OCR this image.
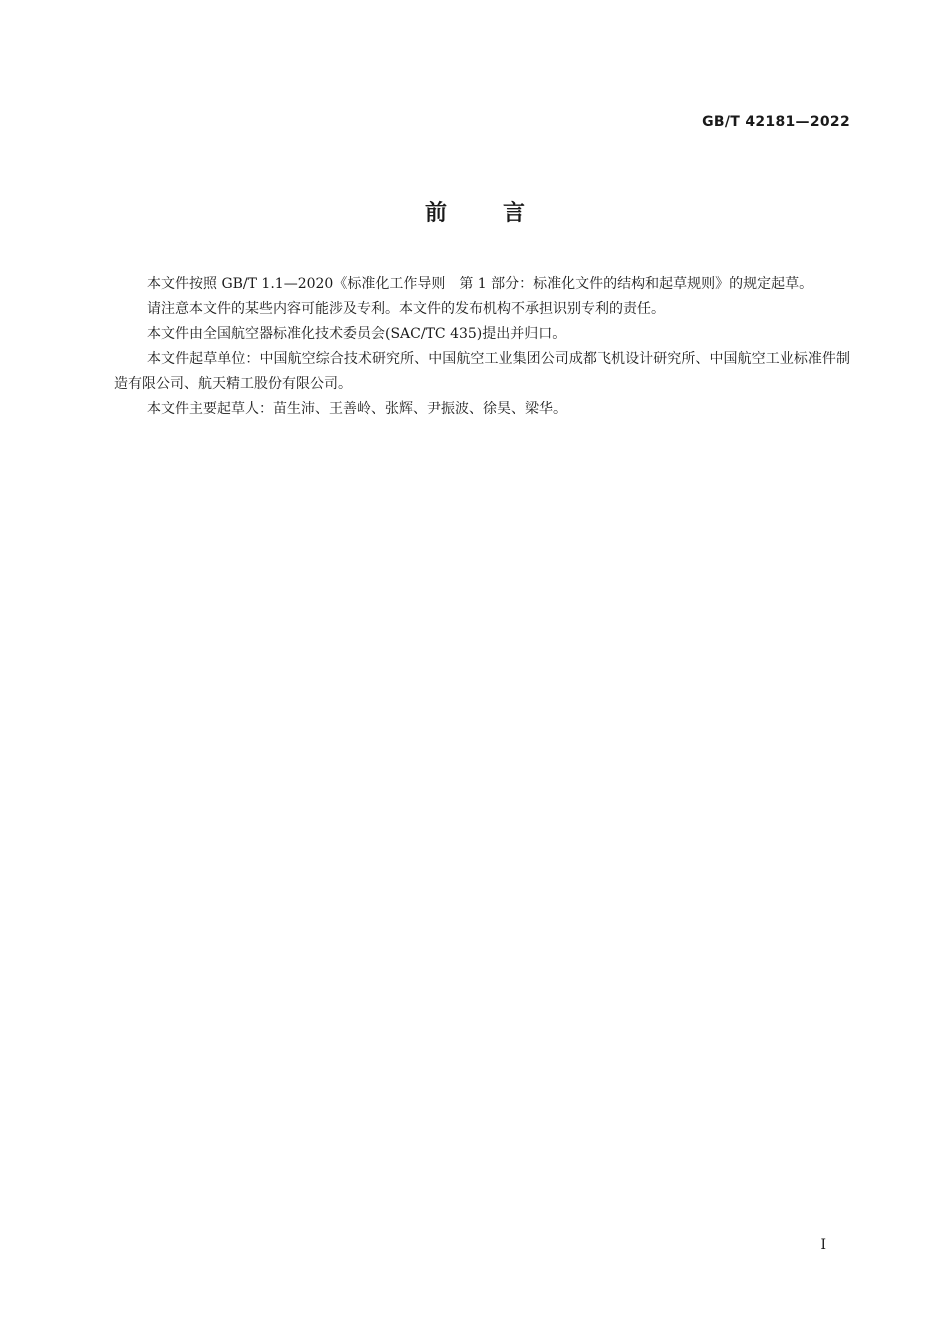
GB/T 42181—2022
前言

本文件按照 GB/T 1.1—2020《标准化工作导则　第 1 部分：标准化文件的结构和起草规则》的规定起草。

请注意本文件的某些内容可能涉及专利。本文件的发布机构不承担识别专利的责任。

本文件由全国航空器标准化技术委员会(SAC/TC 435)提出并归口。

本文件起草单位：中国航空综合技术研究所、中国航空工业集团公司成都飞机设计研究所、中国航空工业标准件制造有限公司、航天精工股份有限公司。

本文件主要起草人：苗生沛、王善岭、张辉、尹振波、徐昊、梁华。

I
